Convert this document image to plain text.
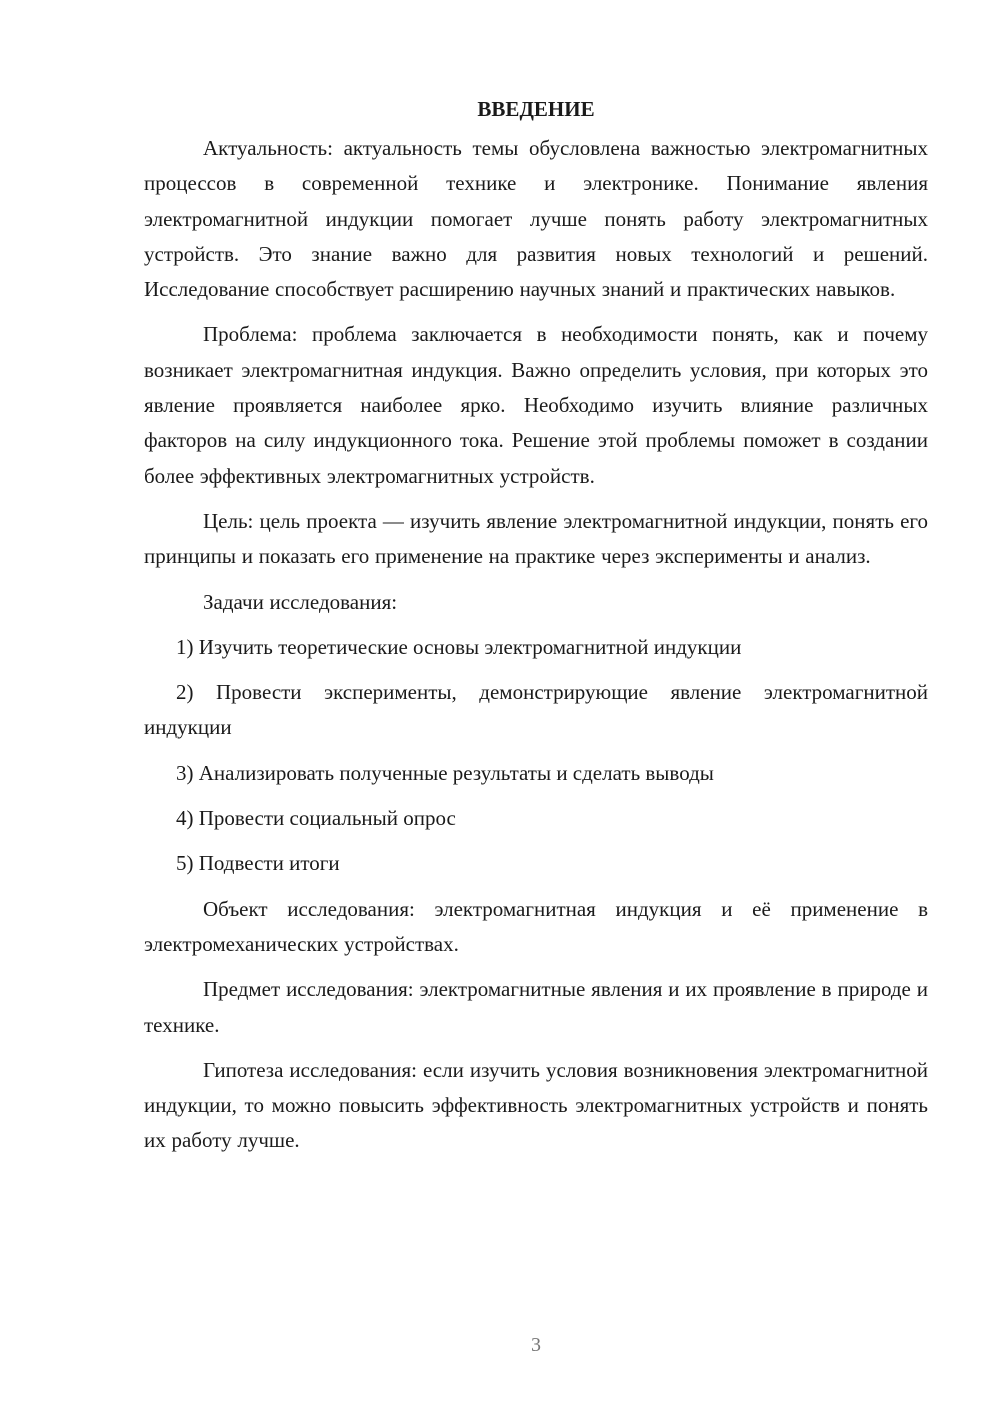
ВВЕДЕНИЕ

Актуальность: актуальность темы обусловлена важностью электромагнитных процессов в современной технике и электронике. Понимание явления электромагнитной индукции помогает лучше понять работу электромагнитных устройств. Это знание важно для развития новых технологий и решений. Исследование способствует расширению научных знаний и практических навыков.

Проблема: проблема заключается в необходимости понять, как и почему возникает электромагнитная индукция. Важно определить условия, при которых это явление проявляется наиболее ярко. Необходимо изучить влияние различных факторов на силу индукционного тока. Решение этой проблемы поможет в создании более эффективных электромагнитных устройств.

Цель: цель проекта — изучить явление электромагнитной индукции, понять его принципы и показать его применение на практике через эксперименты и анализ.

Задачи исследования:

1) Изучить теоретические основы электромагнитной индукции

2) Провести эксперименты, демонстрирующие явление электромагнитной индукции

3) Анализировать полученные результаты и сделать выводы

4) Провести социальный опрос

5) Подвести итоги

Объект исследования: электромагнитная индукция и её применение в электромеханических устройствах.

Предмет исследования: электромагнитные явления и их проявление в природе и технике.

Гипотеза исследования: если изучить условия возникновения электромагнитной индукции, то можно повысить эффективность электромагнитных устройств и понять их работу лучше.

3
